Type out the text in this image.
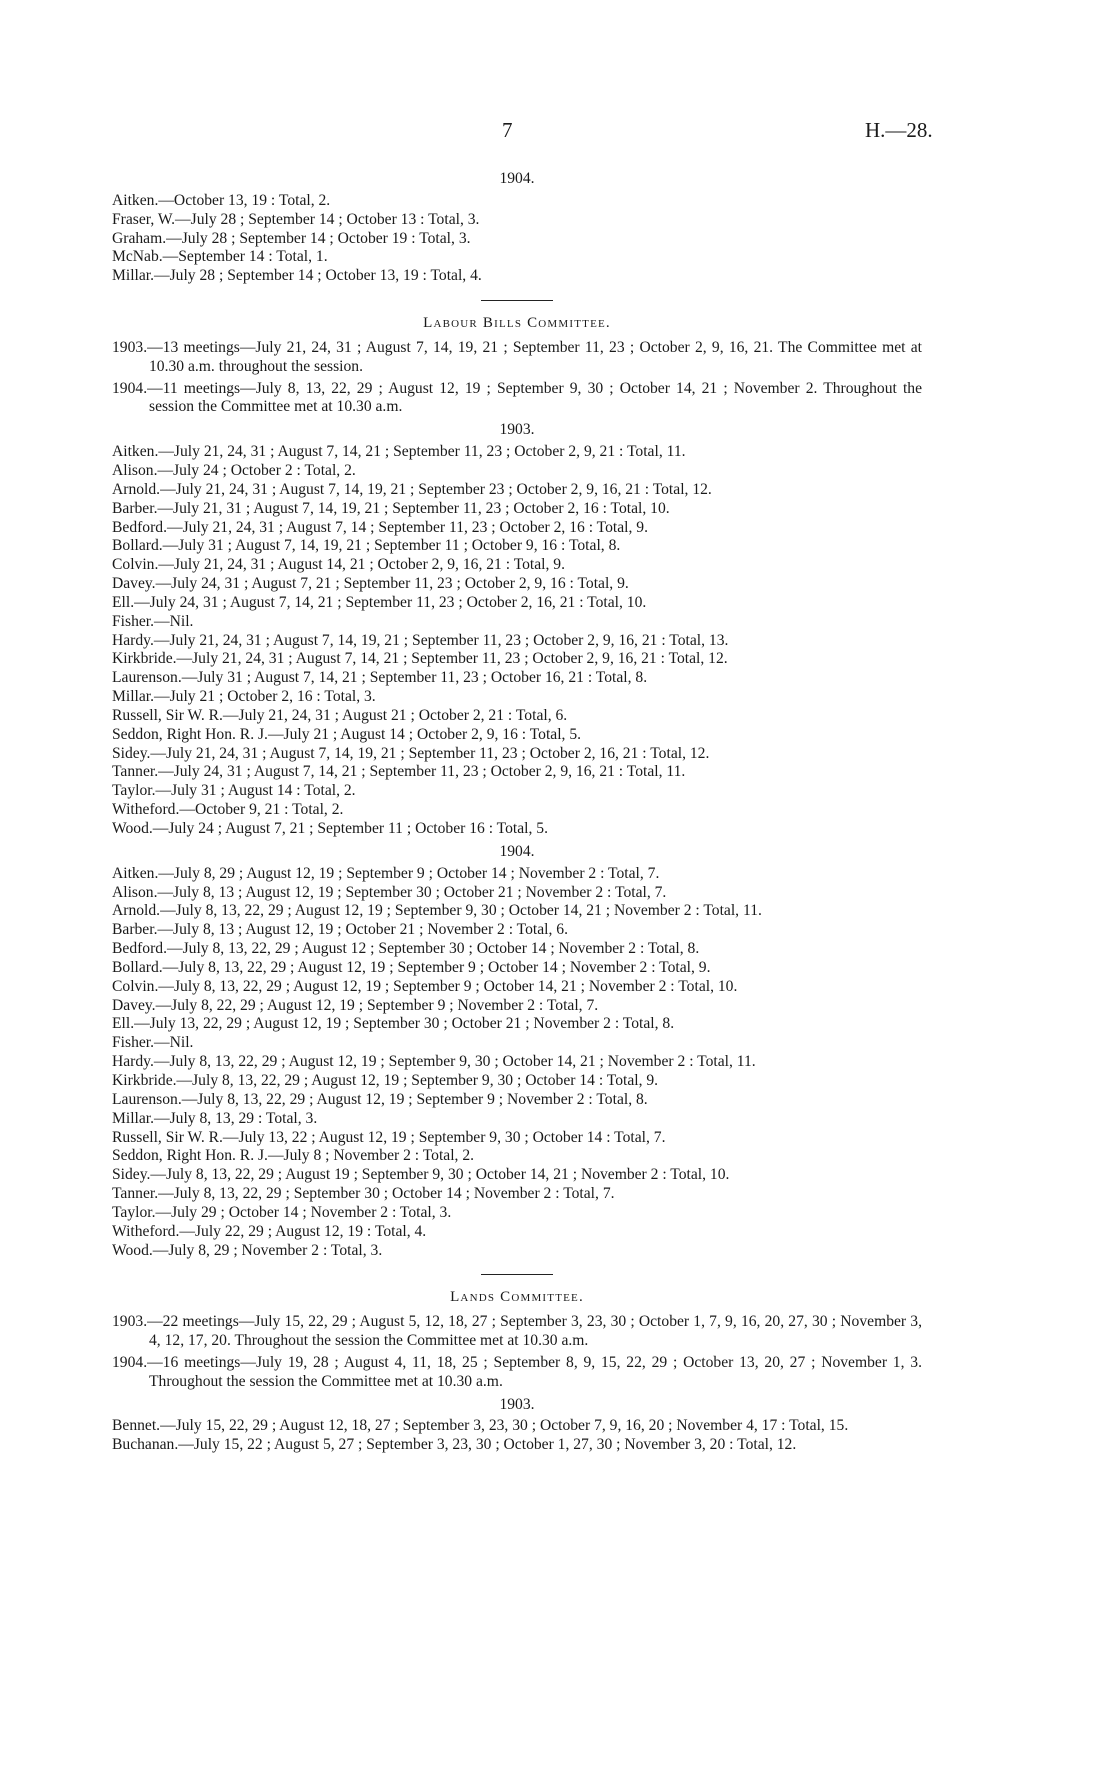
7	H.—28.
1904.
Aitken.—October 13, 19 : Total, 2.
Fraser, W.—July 28 ; September 14 ; October 13 : Total, 3.
Graham.—July 28 ; September 14 ; October 19 : Total, 3.
McNab.—September 14 : Total, 1.
Millar.—July 28 ; September 14 ; October 13, 19 : Total, 4.
Labour Bills Committee.
1903.—13 meetings—July 21, 24, 31 ; August 7, 14, 19, 21 ; September 11, 23 ; October 2, 9, 16, 21. The Committee met at 10.30 a.m. throughout the session.
1904.—11 meetings—July 8, 13, 22, 29 ; August 12, 19 ; September 9, 30 ; October 14, 21 ; November 2. Throughout the session the Committee met at 10.30 a.m.
1903.
Aitken.—July 21, 24, 31 ; August 7, 14, 21 ; September 11, 23 ; October 2, 9, 21 : Total, 11.
Alison.—July 24 ; October 2 : Total, 2.
Arnold.—July 21, 24, 31 ; August 7, 14, 19, 21 ; September 23 ; October 2, 9, 16, 21 : Total, 12.
Barber.—July 21, 31 ; August 7, 14, 19, 21 ; September 11, 23 ; October 2, 16 : Total, 10.
Bedford.—July 21, 24, 31 ; August 7, 14 ; September 11, 23 ; October 2, 16 : Total, 9.
Bollard.—July 31 ; August 7, 14, 19, 21 ; September 11 ; October 9, 16 : Total, 8.
Colvin.—July 21, 24, 31 ; August 14, 21 ; October 2, 9, 16, 21 : Total, 9.
Davey.—July 24, 31 ; August 7, 21 ; September 11, 23 ; October 2, 9, 16 : Total, 9.
Ell.—July 24, 31 ; August 7, 14, 21 ; September 11, 23 ; October 2, 16, 21 : Total, 10.
Fisher.—Nil.
Hardy.—July 21, 24, 31 ; August 7, 14, 19, 21 ; September 11, 23 ; October 2, 9, 16, 21 : Total, 13.
Kirkbride.—July 21, 24, 31 ; August 7, 14, 21 ; September 11, 23 ; October 2, 9, 16, 21 : Total, 12.
Laurenson.—July 31 ; August 7, 14, 21 ; September 11, 23 ; October 16, 21 : Total, 8.
Millar.—July 21 ; October 2, 16 : Total, 3.
Russell, Sir W. R.—July 21, 24, 31 ; August 21 ; October 2, 21 : Total, 6.
Seddon, Right Hon. R. J.—July 21 ; August 14 ; October 2, 9, 16 : Total, 5.
Sidey.—July 21, 24, 31 ; August 7, 14, 19, 21 ; September 11, 23 ; October 2, 16, 21 : Total, 12.
Tanner.—July 24, 31 ; August 7, 14, 21 ; September 11, 23 ; October 2, 9, 16, 21 : Total, 11.
Taylor.—July 31 ; August 14 : Total, 2.
Witheford.—October 9, 21 : Total, 2.
Wood.—July 24 ; August 7, 21 ; September 11 ; October 16 : Total, 5.
1904.
Aitken.—July 8, 29 ; August 12, 19 ; September 9 ; October 14 ; November 2 : Total, 7.
Alison.—July 8, 13 ; August 12, 19 ; September 30 ; October 21 ; November 2 : Total, 7.
Arnold.—July 8, 13, 22, 29 ; August 12, 19 ; September 9, 30 ; October 14, 21 ; November 2 : Total, 11.
Barber.—July 8, 13 ; August 12, 19 ; October 21 ; November 2 : Total, 6.
Bedford.—July 8, 13, 22, 29 ; August 12 ; September 30 ; October 14 ; November 2 : Total, 8.
Bollard.—July 8, 13, 22, 29 ; August 12, 19 ; September 9 ; October 14 ; November 2 : Total, 9.
Colvin.—July 8, 13, 22, 29 ; August 12, 19 ; September 9 ; October 14, 21 ; November 2 : Total, 10.
Davey.—July 8, 22, 29 ; August 12, 19 ; September 9 ; November 2 : Total, 7.
Ell.—July 13, 22, 29 ; August 12, 19 ; September 30 ; October 21 ; November 2 : Total, 8.
Fisher.—Nil.
Hardy.—July 8, 13, 22, 29 ; August 12, 19 ; September 9, 30 ; October 14, 21 ; November 2 : Total, 11.
Kirkbride.—July 8, 13, 22, 29 ; August 12, 19 ; September 9, 30 ; October 14 : Total, 9.
Laurenson.—July 8, 13, 22, 29 ; August 12, 19 ; September 9 ; November 2 : Total, 8.
Millar.—July 8, 13, 29 : Total, 3.
Russell, Sir W. R.—July 13, 22 ; August 12, 19 ; September 9, 30 ; October 14 : Total, 7.
Seddon, Right Hon. R. J.—July 8 ; November 2 : Total, 2.
Sidey.—July 8, 13, 22, 29 ; August 19 ; September 9, 30 ; October 14, 21 ; November 2 : Total, 10.
Tanner.—July 8, 13, 22, 29 ; September 30 ; October 14 ; November 2 : Total, 7.
Taylor.—July 29 ; October 14 ; November 2 : Total, 3.
Witheford.—July 22, 29 ; August 12, 19 : Total, 4.
Wood.—July 8, 29 ; November 2 : Total, 3.
Lands Committee.
1903.—22 meetings—July 15, 22, 29 ; August 5, 12, 18, 27 ; September 3, 23, 30 ; October 1, 7, 9, 16, 20, 27, 30 ; November 3, 4, 12, 17, 20. Throughout the session the Committee met at 10.30 a.m.
1904.—16 meetings—July 19, 28 ; August 4, 11, 18, 25 ; September 8, 9, 15, 22, 29 ; October 13, 20, 27 ; November 1, 3. Throughout the session the Committee met at 10.30 a.m.
1903.
Bennet.—July 15, 22, 29 ; August 12, 18, 27 ; September 3, 23, 30 ; October 7, 9, 16, 20 ; November 4, 17 : Total, 15.
Buchanan.—July 15, 22 ; August 5, 27 ; September 3, 23, 30 ; October 1, 27, 30 ; November 3, 20 : Total, 12.
